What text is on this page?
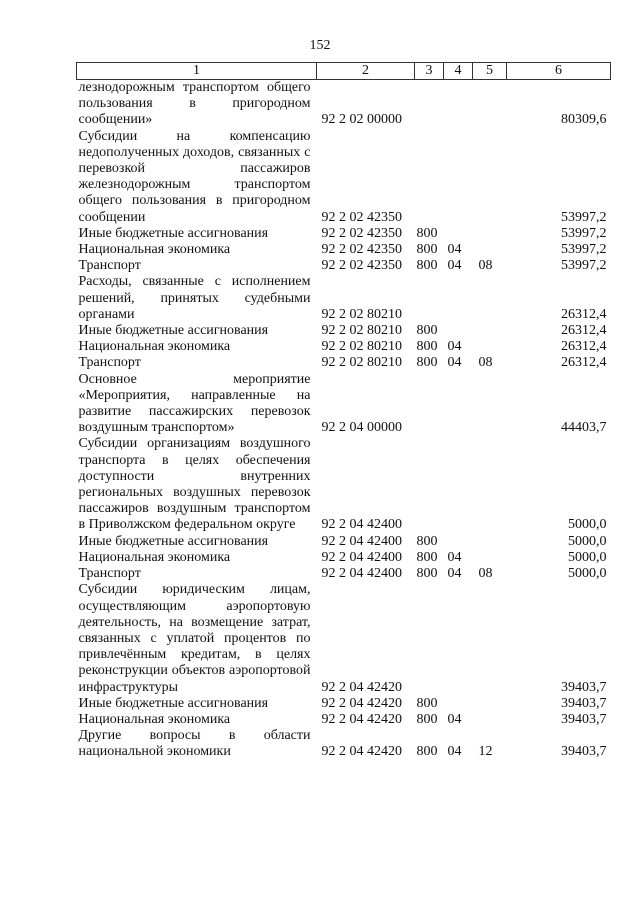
152
1	2	3	4	5	6
лезнодорожным транспортом общего пользования в пригородном сообщении»	92 2 02 00000				80309,6
Субсидии на компенсацию недополученных доходов, связанных с перевозкой пассажиров железнодорожным транспортом общего пользования в пригородном сообщении	92 2 02 42350				53997,2
Иные бюджетные ассигнования	92 2 02 42350	800			53997,2
Национальная экономика	92 2 02 42350	800	04		53997,2
Транспорт	92 2 02 42350	800	04	08	53997,2
Расходы, связанные с исполнением решений, принятых судебными органами	92 2 02 80210				26312,4
Иные бюджетные ассигнования	92 2 02 80210	800			26312,4
Национальная экономика	92 2 02 80210	800	04		26312,4
Транспорт	92 2 02 80210	800	04	08	26312,4
Основное мероприятие «Мероприятия, направленные на развитие пассажирских перевозок воздушным транспортом»	92 2 04 00000				44403,7
Субсидии организациям воздушного транспорта в целях обеспечения доступности внутренних региональных воздушных перевозок пассажиров воздушным транспортом в Приволжском федеральном округе	92 2 04 42400				5000,0
Иные бюджетные ассигнования	92 2 04 42400	800			5000,0
Национальная экономика	92 2 04 42400	800	04		5000,0
Транспорт	92 2 04 42400	800	04	08	5000,0
Субсидии юридическим лицам, осуществляющим аэропортовую деятельность, на возмещение затрат, связанных с уплатой процентов по привлечённым кредитам, в целях реконструкции объектов аэропортовой инфраструктуры	92 2 04 42420				39403,7
Иные бюджетные ассигнования	92 2 04 42420	800			39403,7
Национальная экономика	92 2 04 42420	800	04		39403,7
Другие вопросы в области национальной экономики	92 2 04 42420	800	04	12	39403,7
